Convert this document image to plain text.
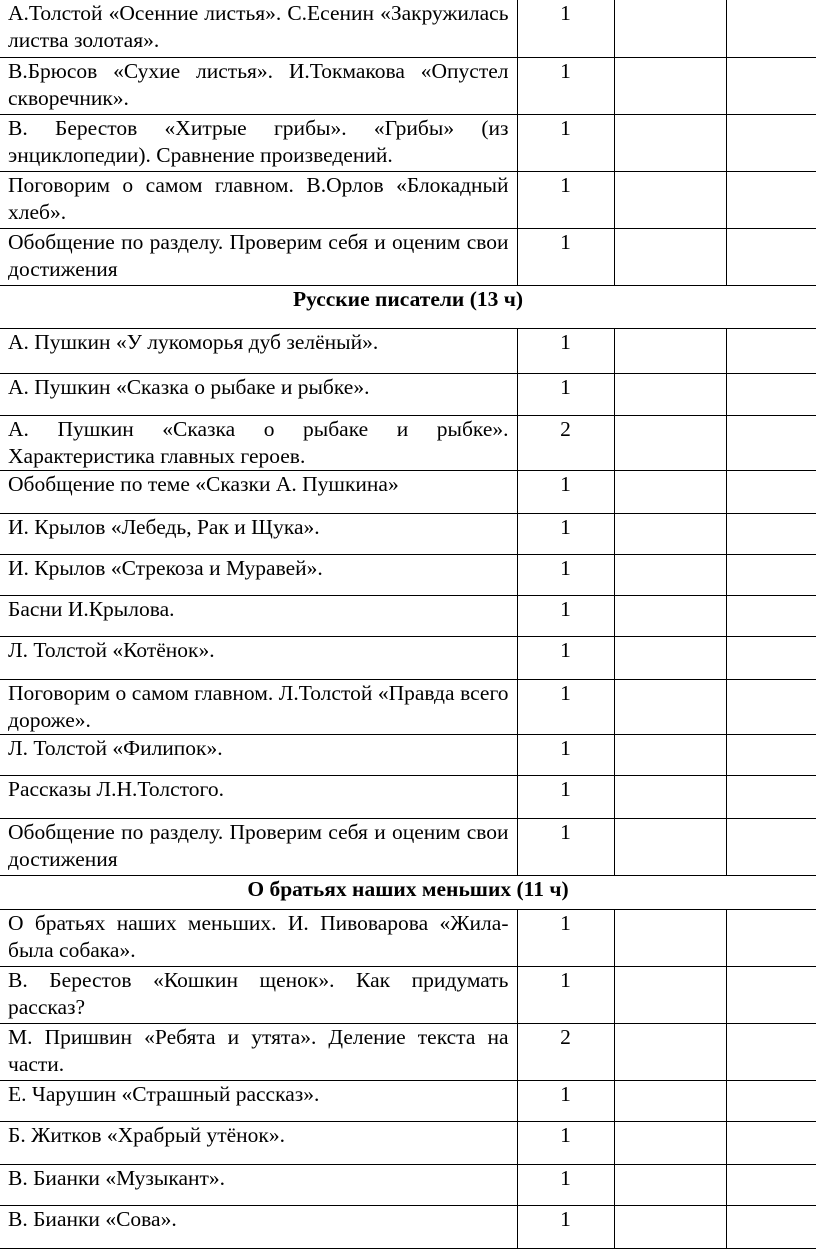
А.Толстой «Осенние листья». С.Есенин «Закружилась листва золотая».	1		
В.Брюсов «Сухие листья». И.Токмакова «Опустел скворечник».	1		
В. Берестов «Хитрые грибы». «Грибы» (из энциклопедии). Сравнение произведений.	1		
Поговорим о самом главном. В.Орлов «Блокадный хлеб».	1		
Обобщение по разделу. Проверим себя и оценим свои достижения	1		
Русские писатели (13 ч)			
А. Пушкин «У лукоморья дуб зелёный».	1		
А. Пушкин «Сказка о рыбаке и рыбке».	1		
А. Пушкин «Сказка о рыбаке и рыбке». Характеристика главных героев.	2		
Обобщение по теме «Сказки А. Пушкина»	1		
И. Крылов «Лебедь, Рак и Щука».	1		
И. Крылов «Стрекоза и Муравей».	1		
Басни И.Крылова.	1		
Л. Толстой «Котёнок».	1		
Поговорим о самом главном. Л.Толстой «Правда всего дороже».	1		
Л. Толстой «Филипок».	1		
Рассказы Л.Н.Толстого.	1		
Обобщение по разделу. Проверим себя и оценим свои достижения	1		
О братьях наших меньших (11 ч)			
О братьях наших меньших. И. Пивоварова «Жила-была собака».	1		
В. Берестов «Кошкин щенок». Как придумать рассказ?	1		
М. Пришвин «Ребята и утята». Деление текста на части.	2		
Е. Чарушин «Страшный рассказ».	1		
Б. Житков «Храбрый утёнок».	1		
В. Бианки «Музыкант».	1		
В. Бианки «Сова».	1		
